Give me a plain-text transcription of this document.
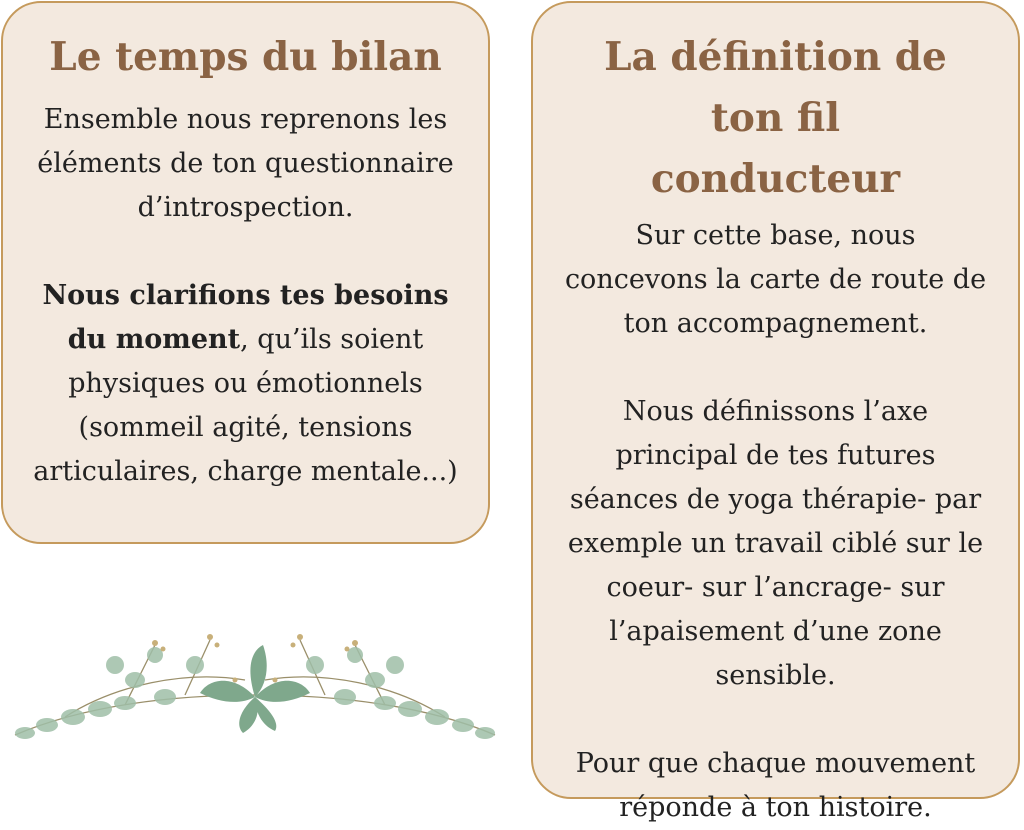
Le temps du bilan

Ensemble nous reprenons les éléments de ton questionnaire d’introspection.

Nous clarifions tes besoins du moment, qu’ils soient physiques ou émotionnels (sommeil agité, tensions articulaires, charge mentale...)

La définition de ton fil conducteur

Sur cette base, nous concevons la carte de route de ton accompagnement.

Nous définissons l’axe principal de tes futures séances de yoga thérapie- par exemple un travail ciblé sur le coeur- sur l’ancrage- sur l’apaisement d’une zone sensible.

Pour que chaque mouvement réponde à ton histoire.
